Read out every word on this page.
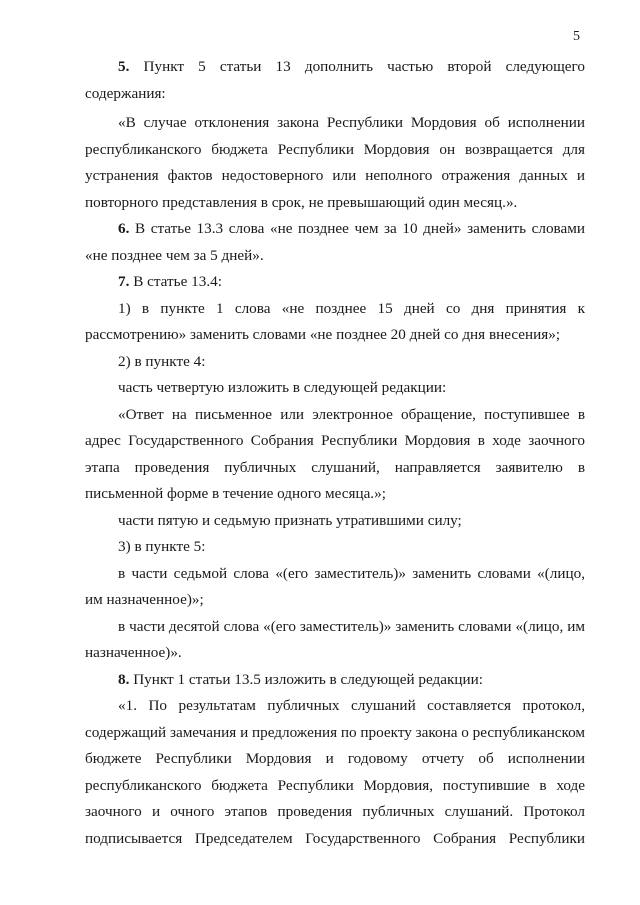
5

5. Пункт 5 статьи 13 дополнить частью второй следующего содержания:

«В случае отклонения закона Республики Мордовия об исполнении республиканского бюджета Республики Мордовия он возвращается для устранения фактов недостоверного или неполного отражения данных и повторного представления в срок, не превышающий один месяц.».

6. В статье 13.3 слова «не позднее чем за 10 дней» заменить словами «не позднее чем за 5 дней».

7. В статье 13.4:

1) в пункте 1 слова «не позднее 15 дней со дня принятия к рассмотрению» заменить словами «не позднее 20 дней со дня внесения»;

2) в пункте 4:

часть четвертую изложить в следующей редакции:

«Ответ на письменное или электронное обращение, поступившее в адрес Государственного Собрания Республики Мордовия в ходе заочного этапа проведения публичных слушаний, направляется заявителю в письменной форме в течение одного месяца.»;

части пятую и седьмую признать утратившими силу;

3) в пункте 5:

в части седьмой слова «(его заместитель)» заменить словами «(лицо, им назначенное)»;

в части десятой слова «(его заместитель)» заменить словами «(лицо, им назначенное)».

8. Пункт 1 статьи 13.5 изложить в следующей редакции:

«1. По результатам публичных слушаний составляется протокол, содержащий замечания и предложения по проекту закона о республиканском бюджете Республики Мордовия и годовому отчету об исполнении республиканского бюджета Республики Мордовия, поступившие в ходе заочного и очного этапов проведения публичных слушаний. Протокол подписывается Председателем Государственного Собрания Республики
